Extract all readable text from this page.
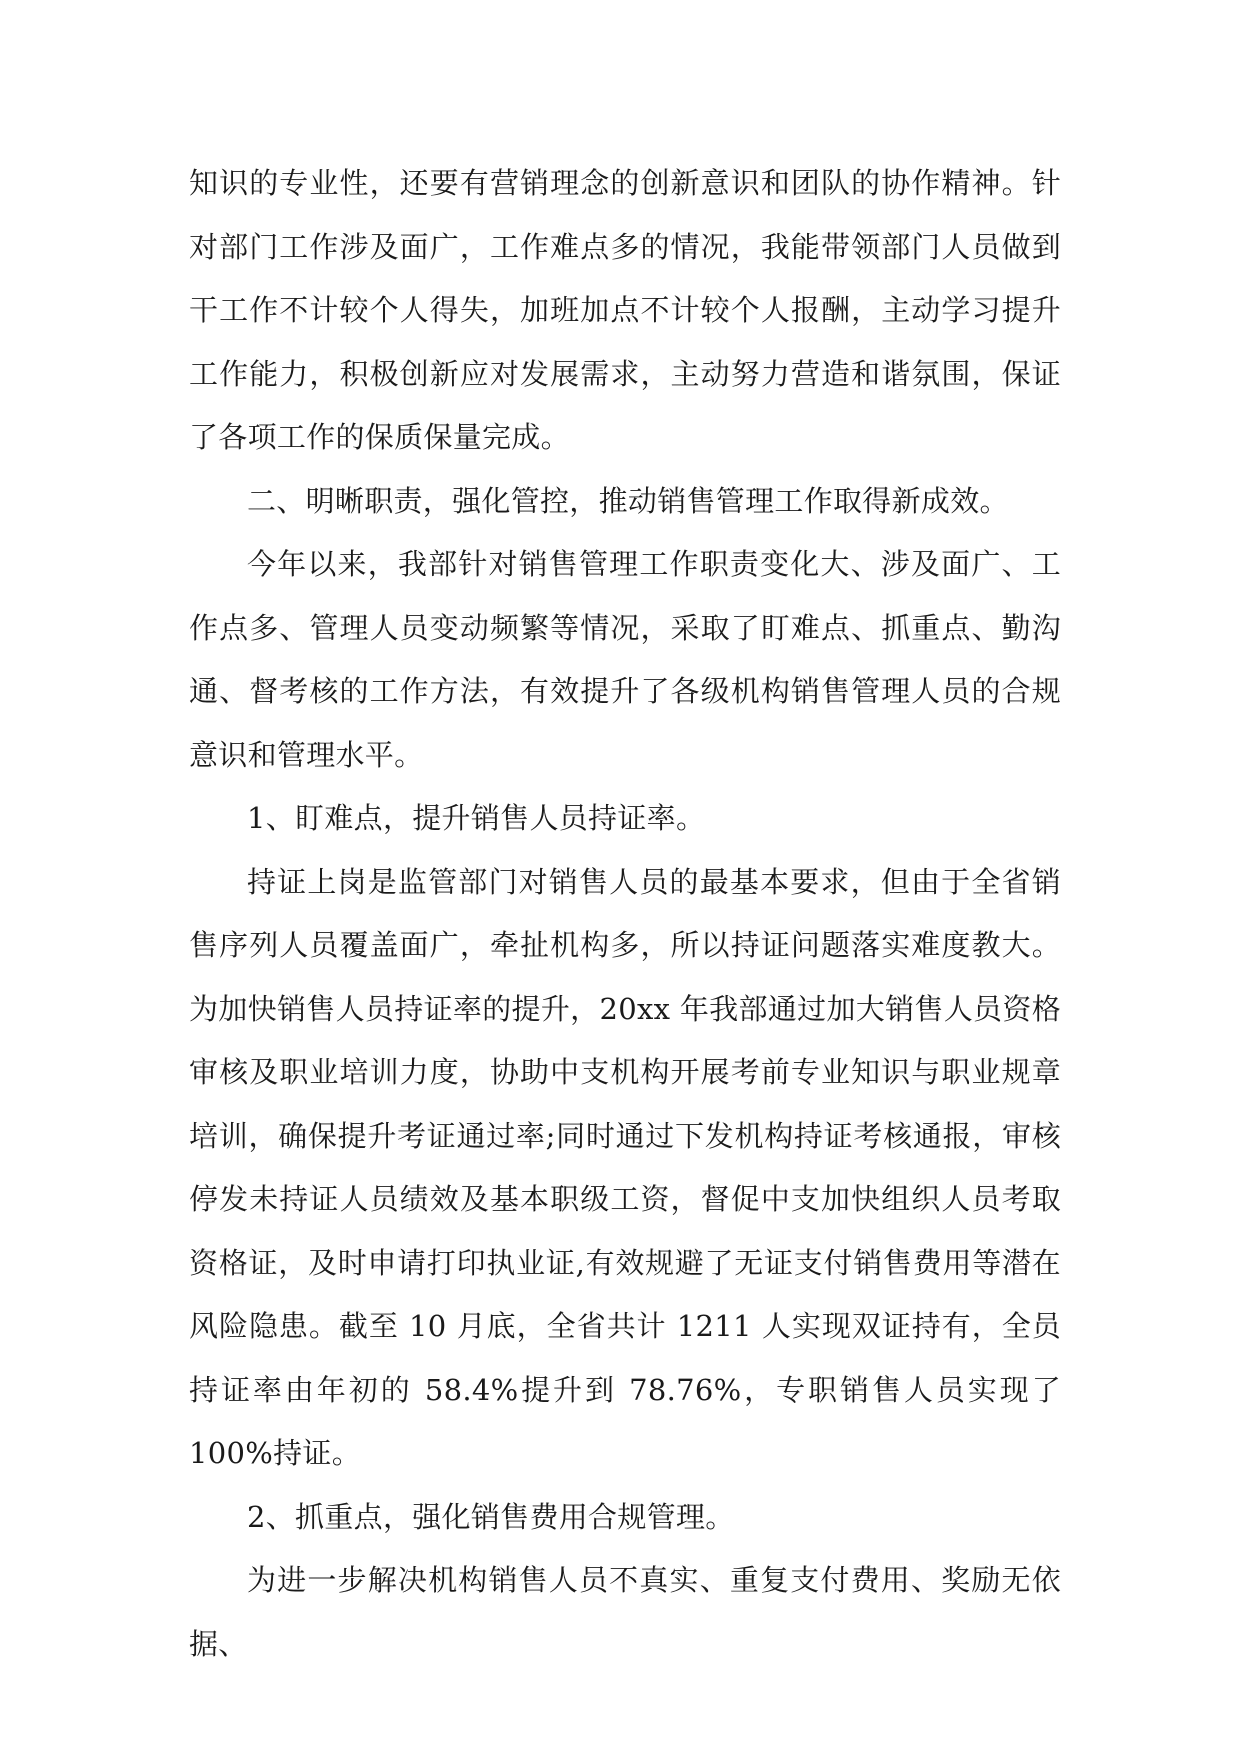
知识的专业性，还要有营销理念的创新意识和团队的协作精神。针对部门工作涉及面广，工作难点多的情况，我能带领部门人员做到干工作不计较个人得失，加班加点不计较个人报酬，主动学习提升工作能力，积极创新应对发展需求，主动努力营造和谐氛围，保证了各项工作的保质保量完成。

二、明晰职责，强化管控，推动销售管理工作取得新成效。

今年以来，我部针对销售管理工作职责变化大、涉及面广、工作点多、管理人员变动频繁等情况，采取了盯难点、抓重点、勤沟通、督考核的工作方法，有效提升了各级机构销售管理人员的合规意识和管理水平。

1、盯难点，提升销售人员持证率。

持证上岗是监管部门对销售人员的最基本要求，但由于全省销售序列人员覆盖面广，牵扯机构多，所以持证问题落实难度教大。为加快销售人员持证率的提升，20xx 年我部通过加大销售人员资格审核及职业培训力度，协助中支机构开展考前专业知识与职业规章培训，确保提升考证通过率;同时通过下发机构持证考核通报，审核停发未持证人员绩效及基本职级工资，督促中支加快组织人员考取资格证，及时申请打印执业证,有效规避了无证支付销售费用等潜在风险隐患。截至 10 月底，全省共计 1211 人实现双证持有，全员持证率由年初的 58.4%提升到 78.76%，专职销售人员实现了 100%持证。

2、抓重点，强化销售费用合规管理。

为进一步解决机构销售人员不真实、重复支付费用、奖励无依据、
